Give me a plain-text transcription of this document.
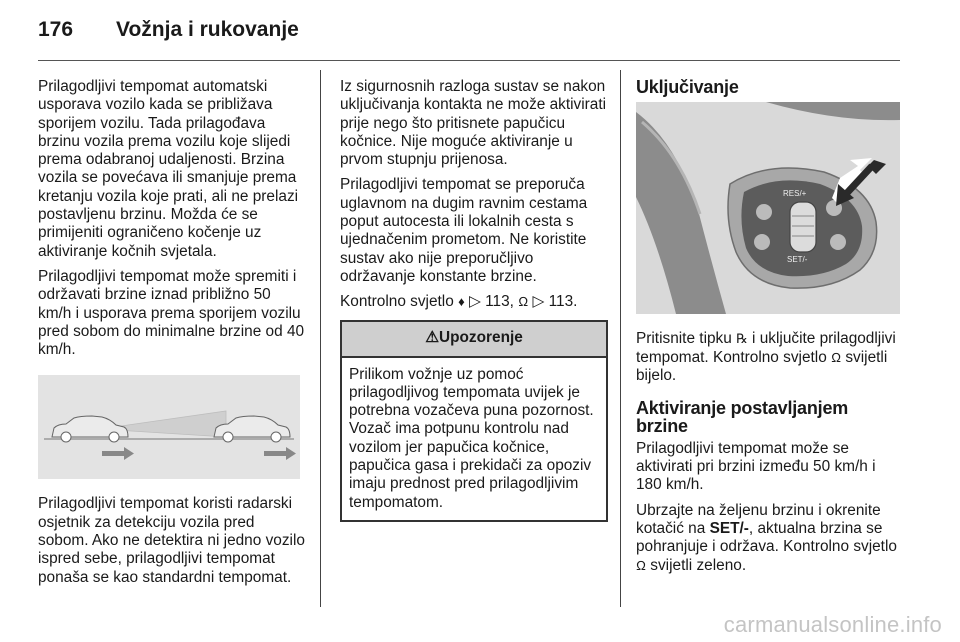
176 Vožnja i rukovanje

Prilagodljivi tempomat automatski usporava vozilo kada se približava sporijem vozilu. Tada prilagođava brzinu vozila prema vozilu koje slijedi prema odabranoj udaljenosti. Brzina vozila se povećava ili smanjuje prema kretanju vozila koje prati, ali ne prelazi postavljenu brzinu. Možda će se primijeniti ograničeno kočenje uz aktiviranje kočnih svjetala.

Prilagodljivi tempomat može spremiti i održavati brzine iznad približno 50 km/h i usporava prema sporijem vozilu pred sobom do minimalne brzine od 40 km/h.

Prilagodljivi tempomat koristi radarski osjetnik za detekciju vozila pred sobom. Ako ne detektira ni jedno vozilo ispred sebe, prilagodljivi tempomat ponaša se kao standardni tempomat.

Iz sigurnosnih razloga sustav se nakon uključivanja kontakta ne može aktivirati prije nego što pritisnete papučicu kočnice. Nije moguće aktiviranje u prvom stupnju prijenosa.

Prilagodljivi tempomat se preporuča uglavnom na dugim ravnim cestama poput autocesta ili lokalnih cesta s ujednačenim prometom. Ne koristite sustav ako nije preporučljivo održavanje konstante brzine.

Kontrolno svjetlo ♦ ▷ 113, Ω ▷ 113.

⚠ Upozorenje
Prilikom vožnje uz pomoć prilagodljivog tempomata uvijek je potrebna vozačeva puna pozornost. Vozač ima potpunu kontrolu nad vozilom jer papučica kočnice, papučica gasa i prekidači za opoziv imaju prednost pred prilagodljivim tempomatom.
Uključivanje
RES/+
SET/-

Pritisnite tipku ℞ i uključite prilagodljivi tempomat. Kontrolno svjetlo Ω svijetli bijelo.

Aktiviranje postavljanjem brzine

Prilagodljivi tempomat može se aktivirati pri brzini između 50 km/h i 180 km/h.

Ubrzajte na željenu brzinu i okrenite kotačić na SET/-, aktualna brzina se pohranjuje i održava. Kontrolno svjetlo Ω svijetli zeleno.

carmanualsonline.info
